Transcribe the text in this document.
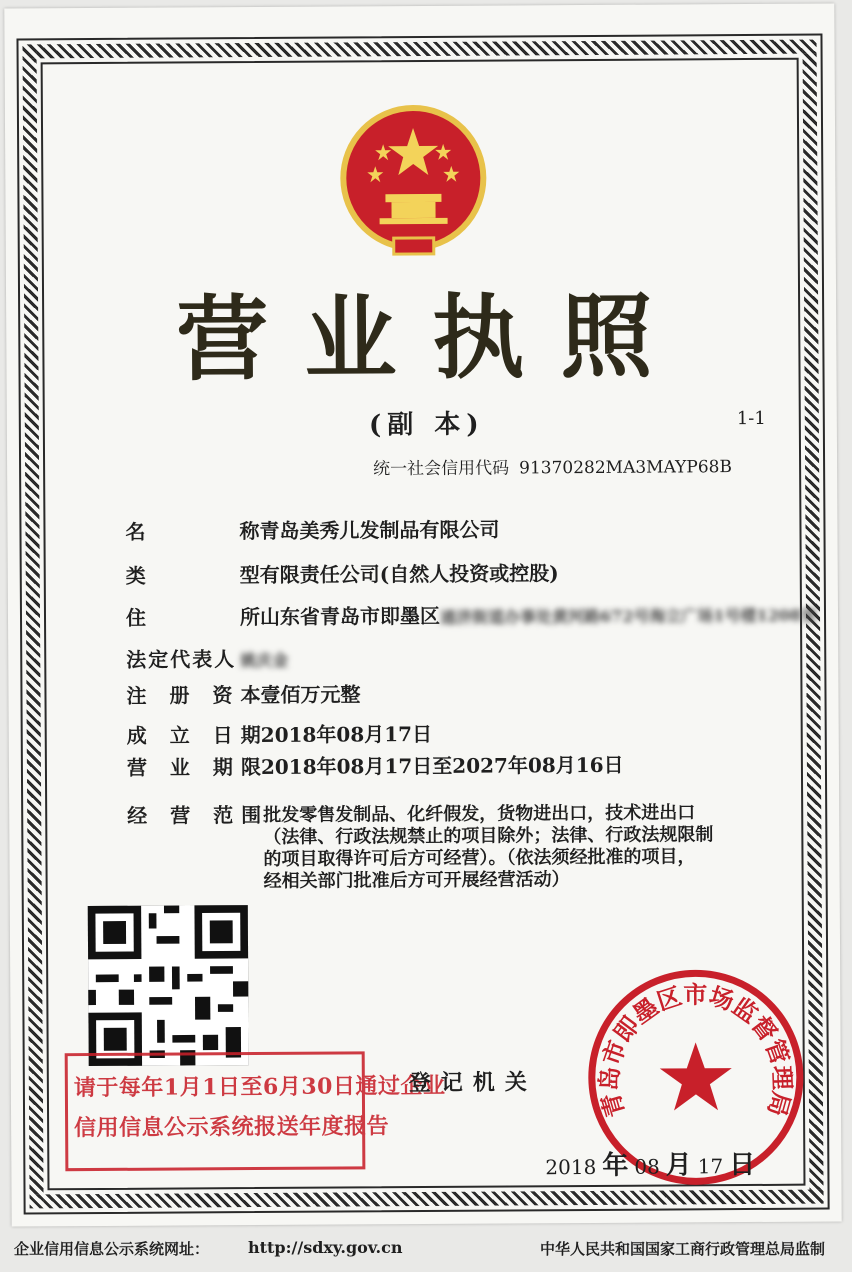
营业执照
(副 本)	1-1
统一社会信用代码 91370282MA3MAYP68B
名	称青岛美秀儿发制品有限公司
类	型有限责任公司(自然人投资或控股)
住	所山东省青岛市即墨区通济街道办事处黄河路672号海立广场1号楼1208室
法定代表人 姚庆金
注 册 资本壹佰万元整
成 立 日期2018年08月17日
营 业 期限2018年08月17日至2027年08月16日
经 营 范围 批发零售发制品、化纤假发，货物进出口，技术进出口
（法律、行政法规禁止的项目除外；法律、行政法规限制
的项目取得许可后方可经营）。（依法须经批准的项目，
经相关部门批准后方可开展经营活动）
请于每年1月1日至6月30日通过企业
信用信息公示系统报送年度报告
登记机关
青岛市即墨区市场监督管理局
2018 年 08 月 17 日
企业信用信息公示系统网址： http://sdxy.gov.cn	中华人民共和国国家工商行政管理总局监制
